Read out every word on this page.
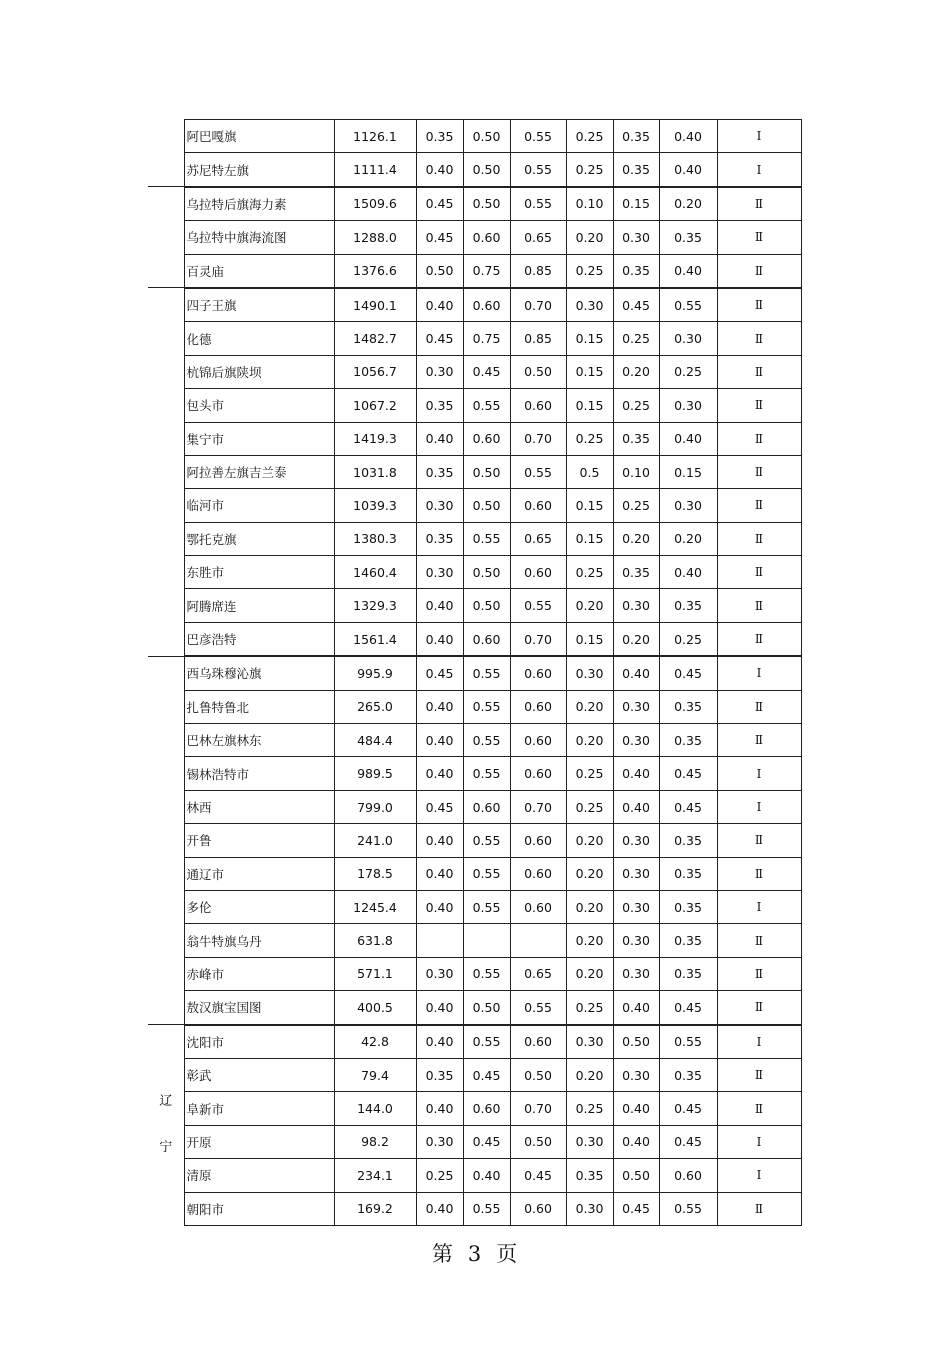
	阿巴嘎旗	1126.1	0.35	0.50	0.55	0.25	0.35	0.40	Ⅰ
	苏尼特左旗	1111.4	0.40	0.50	0.55	0.25	0.35	0.40	Ⅰ
	乌拉特后旗海力素	1509.6	0.45	0.50	0.55	0.10	0.15	0.20	Ⅱ
	乌拉特中旗海流图	1288.0	0.45	0.60	0.65	0.20	0.30	0.35	Ⅱ
	百灵庙	1376.6	0.50	0.75	0.85	0.25	0.35	0.40	Ⅱ
	四子王旗	1490.1	0.40	0.60	0.70	0.30	0.45	0.55	Ⅱ
	化德	1482.7	0.45	0.75	0.85	0.15	0.25	0.30	Ⅱ
	杭锦后旗陕坝	1056.7	0.30	0.45	0.50	0.15	0.20	0.25	Ⅱ
	包头市	1067.2	0.35	0.55	0.60	0.15	0.25	0.30	Ⅱ
	集宁市	1419.3	0.40	0.60	0.70	0.25	0.35	0.40	Ⅱ
	阿拉善左旗吉兰泰	1031.8	0.35	0.50	0.55	0.5	0.10	0.15	Ⅱ
	临河市	1039.3	0.30	0.50	0.60	0.15	0.25	0.30	Ⅱ
	鄂托克旗	1380.3	0.35	0.55	0.65	0.15	0.20	0.20	Ⅱ
	东胜市	1460.4	0.30	0.50	0.60	0.25	0.35	0.40	Ⅱ
	阿腾席连	1329.3	0.40	0.50	0.55	0.20	0.30	0.35	Ⅱ
	巴彦浩特	1561.4	0.40	0.60	0.70	0.15	0.20	0.25	Ⅱ
	西乌珠穆沁旗	995.9	0.45	0.55	0.60	0.30	0.40	0.45	Ⅰ
	扎鲁特鲁北	265.0	0.40	0.55	0.60	0.20	0.30	0.35	Ⅱ
	巴林左旗林东	484.4	0.40	0.55	0.60	0.20	0.30	0.35	Ⅱ
	锡林浩特市	989.5	0.40	0.55	0.60	0.25	0.40	0.45	Ⅰ
	林西	799.0	0.45	0.60	0.70	0.25	0.40	0.45	Ⅰ
	开鲁	241.0	0.40	0.55	0.60	0.20	0.30	0.35	Ⅱ
	通辽市	178.5	0.40	0.55	0.60	0.20	0.30	0.35	Ⅱ
	多伦	1245.4	0.40	0.55	0.60	0.20	0.30	0.35	Ⅰ
	翁牛特旗乌丹	631.8				0.20	0.30	0.35	Ⅱ
	赤峰市	571.1	0.30	0.55	0.65	0.20	0.30	0.35	Ⅱ
	敖汉旗宝国图	400.5	0.40	0.50	0.55	0.25	0.40	0.45	Ⅱ

辽
宁	沈阳市	42.8	0.40	0.55	0.60	0.30	0.50	0.55	Ⅰ
	彰武	79.4	0.35	0.45	0.50	0.20	0.30	0.35	Ⅱ
	阜新市	144.0	0.40	0.60	0.70	0.25	0.40	0.45	Ⅱ
	开原	98.2	0.30	0.45	0.50	0.30	0.40	0.45	Ⅰ
	清原	234.1	0.25	0.40	0.45	0.35	0.50	0.60	Ⅰ
	朝阳市	169.2	0.40	0.55	0.60	0.30	0.45	0.55	Ⅱ
第 3 页
